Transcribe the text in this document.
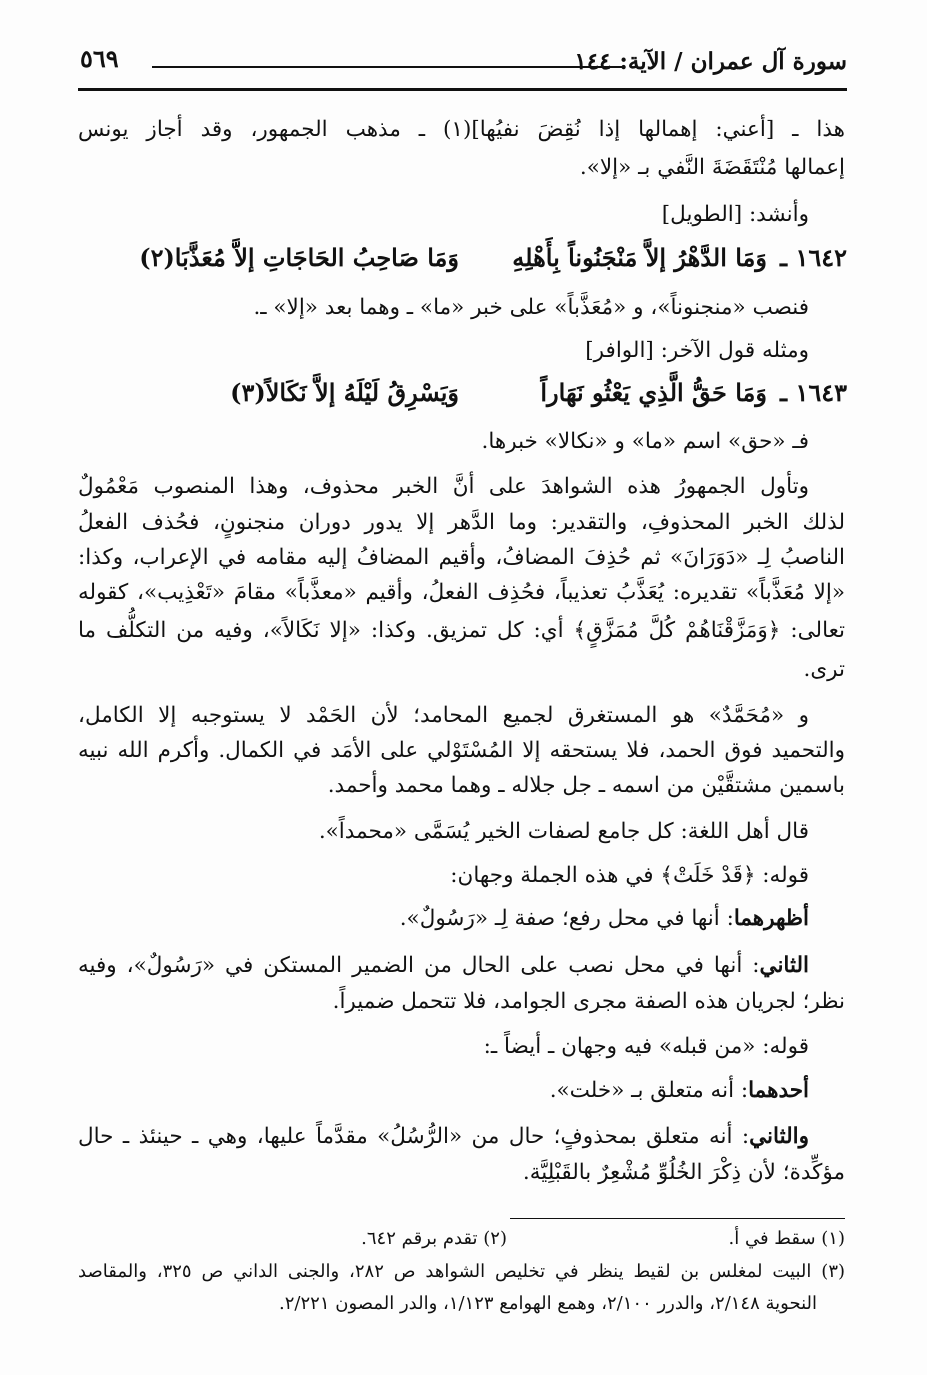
سورة آل عمران / الآية: ١٤٤
٥٦٩
هذا ـ [أعني: إهمالها إذا نُقِضَ نفيُها](١) ـ مذهب الجمهور، وقد أجاز يونس
إعمالها مُنْتَقَضَةَ النَّفي بـ «إلا».
وأنشد: [الطويل]
١٦٤٢ ـ
وَمَا الدَّهْرُ إلاَّ مَنْجَنُوناً بِأَهْلِهِ
وَمَا صَاحِبُ الحَاجَاتِ إلاَّ مُعَذَّبَا(٢)
فنصب «منجنوناً»، و «مُعَذَّباً» على خبر «ما» ـ وهما بعد «إلا» ـ.
ومثله قول الآخر: [الوافر]
١٦٤٣ ـ
وَمَا حَقُّ الَّذِي يَعْثُو نَهَاراً
وَيَسْرِقُ لَيْلَهُ إلاَّ نَكَالاً(٣)
فـ «حق» اسم «ما» و «نكالا» خبرها.
وتأول الجمهورُ هذه الشواهدَ على أنَّ الخبر محذوف، وهذا المنصوب مَعْمُولٌ
لذلك الخبر المحذوفِ، والتقدير: وما الدَّهر إلا يدور دوران منجنونٍ، فحُذف الفعلُ
الناصبُ لِـ «دَوَرَانَ» ثم حُذِفَ المضافُ، وأقيم المضافُ إليه مقامه في الإعراب، وكذا:
«إلا مُعَذَّباً» تقديره: يُعَذَّبُ تعذيباً، فحُذِف الفعلُ، وأقيم «معذَّباً» مقامَ «تَعْذِيب»، كقوله
تعالى: ﴿وَمَزَّقْنَاهُمْ كُلَّ مُمَزَّقٍ﴾ أي: كل تمزيق. وكذا: «إلا نَكَالاً»، وفيه من التكلُّف ما
ترى.
و «مُحَمَّدٌ» هو المستغرق لجميع المحامد؛ لأن الحَمْد لا يستوجبه إلا الكامل،
والتحميد فوق الحمد، فلا يستحقه إلا المُسْتَوْلي على الأمَد في الكمال. وأكرم الله نبيه
باسمين مشتقَّيْن من اسمه ـ جل جلاله ـ وهما محمد وأحمد.
قال أهل اللغة: كل جامع لصفات الخير يُسَمَّى «محمداً».
قوله: ﴿قَدْ خَلَتْ﴾ في هذه الجملة وجهان:
أظهرهما: أنها في محل رفع؛ صفة لِـ «رَسُولٌ».
الثاني: أنها في محل نصب على الحال من الضمير المستكن في «رَسُولٌ»، وفيه
نظر؛ لجريان هذه الصفة مجرى الجوامد، فلا تتحمل ضميراً.
قوله: «من قبله» فيه وجهان ـ أيضاً ـ:
أحدهما: أنه متعلق بـ «خلت».
والثاني: أنه متعلق بمحذوفٍ؛ حال من «الرُّسُلُ» مقدَّماً عليها، وهي ـ حينئذ ـ حال
مؤكِّدة؛ لأن ذِكْرَ الخُلُوِّ مُشْعِرٌ بالقَبْلِيَّة.
(١) سقط في أ.
(٢) تقدم برقم ٦٤٢.
(٣) البيت لمغلس بن لقيط ينظر في تخليص الشواهد ص ٢٨٢، والجنى الداني ص ٣٢٥، والمقاصد
النحوية ٢/١٤٨، والدرر ٢/١٠٠، وهمع الهوامع ١/١٢٣، والدر المصون ٢/٢٢١.
